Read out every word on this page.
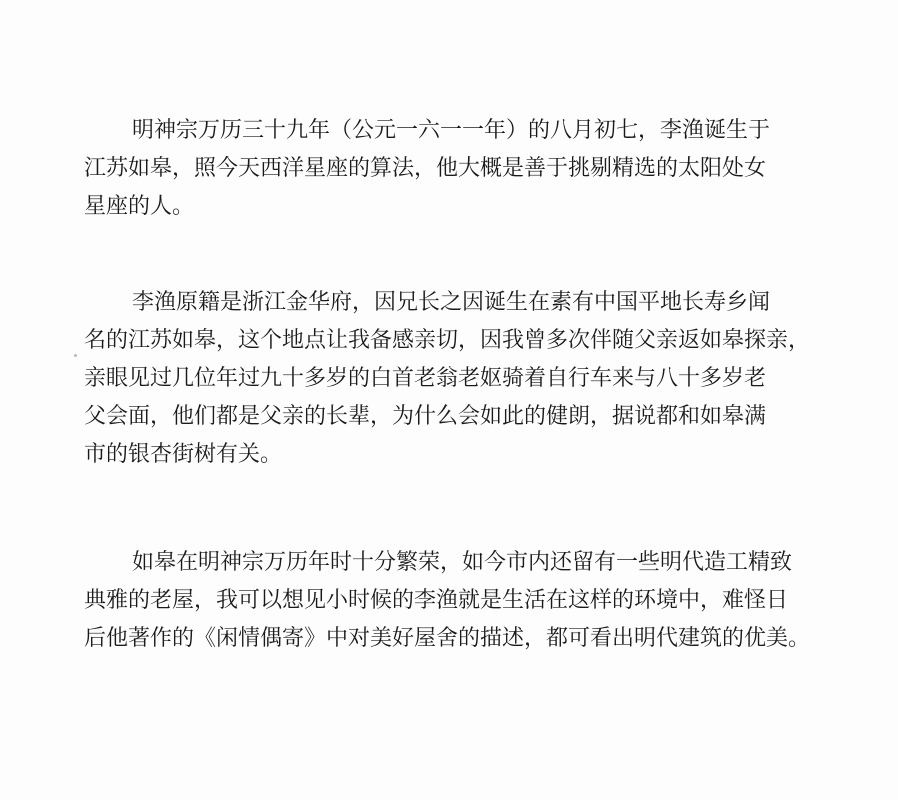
明神宗万历三十九年（公元一六一一年）的八月初七，李渔诞生于
江苏如皋，照今天西洋星座的算法，他大概是善于挑剔精选的太阳处女
星座的人。

李渔原籍是浙江金华府，因兄长之因诞生在素有中国平地长寿乡闻
名的江苏如皋，这个地点让我备感亲切，因我曾多次伴随父亲返如皋探亲，
亲眼见过几位年过九十多岁的白首老翁老妪骑着自行车来与八十多岁老
父会面，他们都是父亲的长辈，为什么会如此的健朗，据说都和如皋满
市的银杏街树有关。

如皋在明神宗万历年时十分繁荣，如今市内还留有一些明代造工精致
典雅的老屋，我可以想见小时候的李渔就是生活在这样的环境中，难怪日
后他著作的《闲情偶寄》中对美好屋舍的描述，都可看出明代建筑的优美。
